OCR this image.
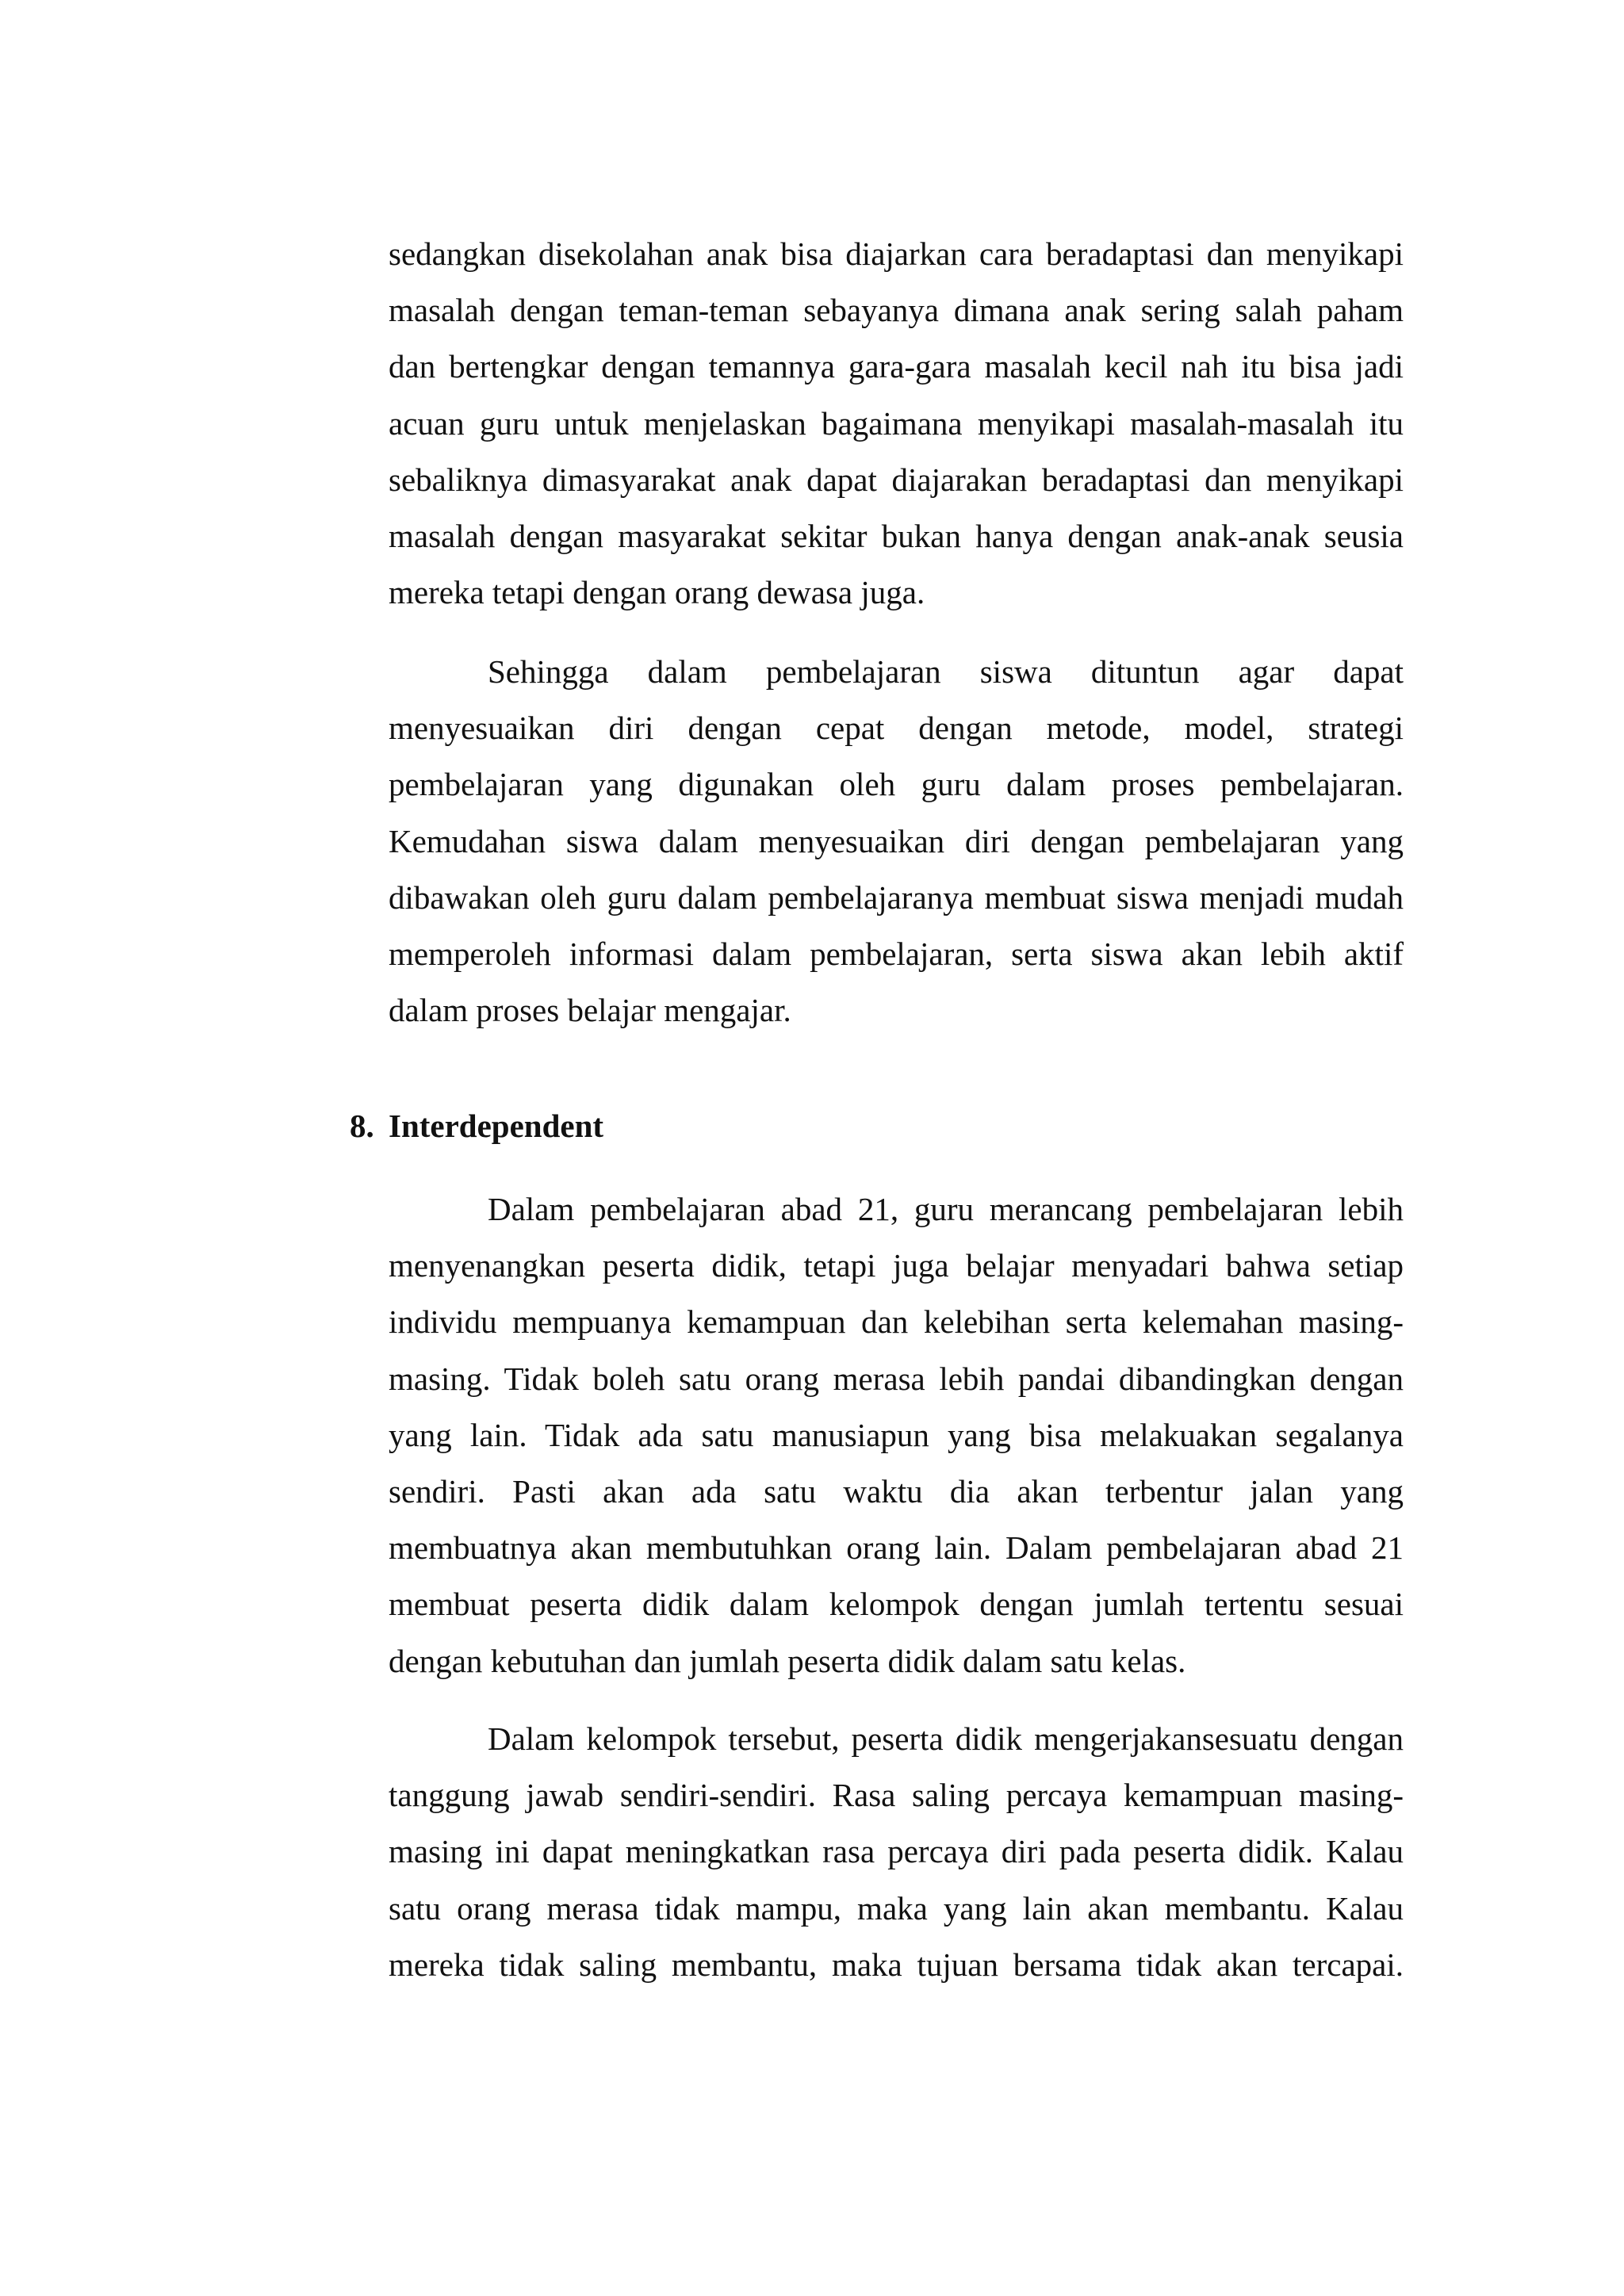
sedangkan disekolahan anak bisa diajarkan cara beradaptasi dan menyikapi
masalah dengan teman-teman sebayanya dimana anak sering salah paham
dan bertengkar dengan temannya gara-gara masalah kecil nah itu bisa jadi
acuan guru untuk menjelaskan bagaimana menyikapi masalah-masalah itu
sebaliknya dimasyarakat anak dapat diajarakan beradaptasi dan menyikapi
masalah dengan masyarakat sekitar bukan hanya dengan anak-anak seusia
mereka tetapi dengan orang dewasa juga.

Sehingga dalam pembelajaran siswa dituntun agar dapat
menyesuaikan diri dengan cepat dengan metode, model, strategi
pembelajaran yang digunakan oleh guru dalam proses pembelajaran.
Kemudahan siswa dalam menyesuaikan diri dengan pembelajaran yang
dibawakan oleh guru dalam pembelajaranya membuat siswa menjadi mudah
memperoleh informasi dalam pembelajaran, serta siswa akan lebih aktif
dalam proses belajar mengajar.

8. Interdependent

Dalam pembelajaran abad 21, guru merancang pembelajaran lebih
menyenangkan peserta didik, tetapi juga belajar menyadari bahwa setiap
individu mempuanya kemampuan dan kelebihan serta kelemahan masing-
masing. Tidak boleh satu orang merasa lebih pandai dibandingkan dengan
yang lain. Tidak ada satu manusiapun yang bisa melakuakan segalanya
sendiri. Pasti akan ada satu waktu dia akan terbentur jalan yang
membuatnya akan membutuhkan orang lain. Dalam pembelajaran abad 21
membuat peserta didik dalam kelompok dengan jumlah tertentu sesuai
dengan kebutuhan dan jumlah peserta didik dalam satu kelas.

Dalam kelompok tersebut, peserta didik mengerjakansesuatu dengan
tanggung jawab sendiri-sendiri. Rasa saling percaya kemampuan masing-
masing ini dapat meningkatkan rasa percaya diri pada peserta didik. Kalau
satu orang merasa tidak mampu, maka yang lain akan membantu. Kalau
mereka tidak saling membantu, maka tujuan bersama tidak akan tercapai.
